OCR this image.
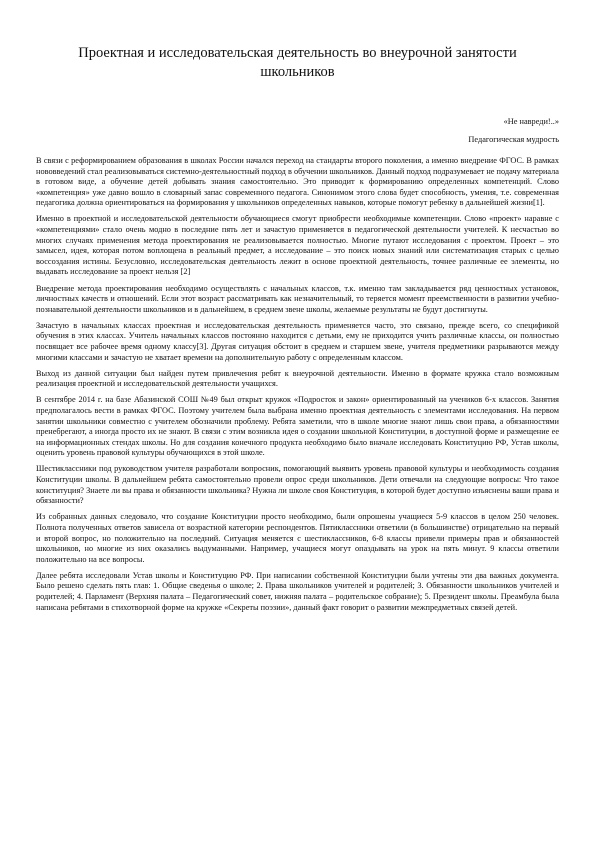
Проектная и исследовательская деятельность во внеурочной занятости школьников

«Не навреди!..»

Педагогическая мудрость

В связи с реформированием образования в школах России начался переход на стандарты второго поколения, а именно внедрение ФГОС. В рамках нововведений стал реализовываться системно-деятельностный подход в обучении школьников. Данный подход подразумевает не подачу материала в готовом виде, а обучение детей добывать знания самостоятельно. Это приводит к формированию определенных компетенций. Слово «компетенция» уже давно вошло в словарный запас современного педагога. Синонимом этого слова будет способность, умения, т.е. современная педагогика должна ориентироваться на формирования у школьников определенных навыков, которые помогут ребенку в дальнейшей жизни[1].

Именно в проектной и исследовательской деятельности обучающиеся смогут приобрести необходимые компетенции. Слово «проект» наравне с «компетенциями» стало очень модно в последние пять лет и зачастую применяется в педагогической деятельности учителей. К несчастью во многих случаях применения метода проектирования не реализовывается полностью. Многие путают исследования с проектом. Проект – это замысел, идея, которая потом воплощена в реальный предмет, а исследование – это поиск новых знаний или систематизация старых с целью воссоздания истины. Безусловно, исследовательская деятельность лежит в основе проектной деятельность, точнее различные ее элементы, но выдавать исследование за проект нельзя [2]

Внедрение метода проектирования необходимо осуществлять с начальных классов, т.к. именно там закладывается ряд ценностных установок, личностных качеств и отношений. Если этот возраст рассматривать как незначительный, то теряется момент преемственности в развитии учебно-познавательной деятельности школьников и в дальнейшем, в среднем звене школы, желаемые результаты не будут достигнуты.

Зачастую в начальных классах проектная и исследовательская деятельность применяется часто, это связано, прежде всего, со спецификой обучения в этих классах. Учитель начальных классов постоянно находится с детьми, ему не приходится учить различные классы, он полностью посвящает все рабочее время одному классу[3]. Другая ситуация обстоит в среднем и старшем звене, учителя предметники разрываются между многими классами и зачастую не хватает времени на дополнительную работу с определенным классом.

Выход из данной ситуации был найден путем привлечения ребят к внеурочной деятельности. Именно в формате кружка стало возможным реализация проектной и исследовательской деятельности учащихся.

В сентябре 2014 г. на базе Абазинской СОШ №49 был открыт кружок «Подросток и закон» ориентированный на учеников 6-х классов. Занятия предполагалось вести в рамках ФГОС. Поэтому учителем была выбрана именно проектная деятельность с элементами исследования. На первом занятии школьники совместно с учителем обозначили проблему. Ребята заметили, что в школе многие знают лишь свои права, а обязанностями пренебрегают, а иногда просто их не знают. В связи с этим возникла идея о создании школьной Конституции, в доступной форме и размещение ее на информационных стендах школы. Но для создания конечного продукта необходимо было вначале исследовать Конституцию РФ, Устав школы, оценить уровень правовой культуры обучающихся в этой школе.

Шестиклассники под руководством учителя разработали вопросник, помогающий выявить уровень правовой культуры и необходимость создания Конституции школы. В дальнейшем ребята самостоятельно провели опрос среди школьников. Дети отвечали на следующие вопросы: Что такое конституция? Знаете ли вы права и обязанности школьника? Нужна ли школе своя Конституция, в которой будет доступно изъяснены ваши права и обязанности?

Из собранных данных следовало, что создание Конституции просто необходимо, были опрошены учащиеся 5-9 классов в целом 250 человек. Полнота полученных ответов зависела от возрастной категории респондентов. Пятиклассники ответили (в большинстве) отрицательно на первый и второй вопрос, но положительно на последний. Ситуация меняется с шестиклассников, 6-8 классы привели примеры прав и обязанностей школьников, но многие из них оказались выдуманными. Например, учащиеся могут опаздывать на урок на пять минут. 9 классы ответили положительно на все вопросы.

Далее ребята исследовали Устав школы и Конституцию РФ. При написании собственной Конституции были учтены эти два важных документа. Было решено сделать пять глав: 1. Общие сведенья о школе; 2. Права школьников учителей и родителей; 3. Обязанности школьников учителей и родителей; 4. Парламент (Верхняя палата – Педагогический совет, нижняя палата – родительское собрание); 5. Президент школы. Преамбула была написана ребятами в стихотворной форме на кружке «Секреты поэзии», данный факт говорит о развитии межпредметных связей детей.
